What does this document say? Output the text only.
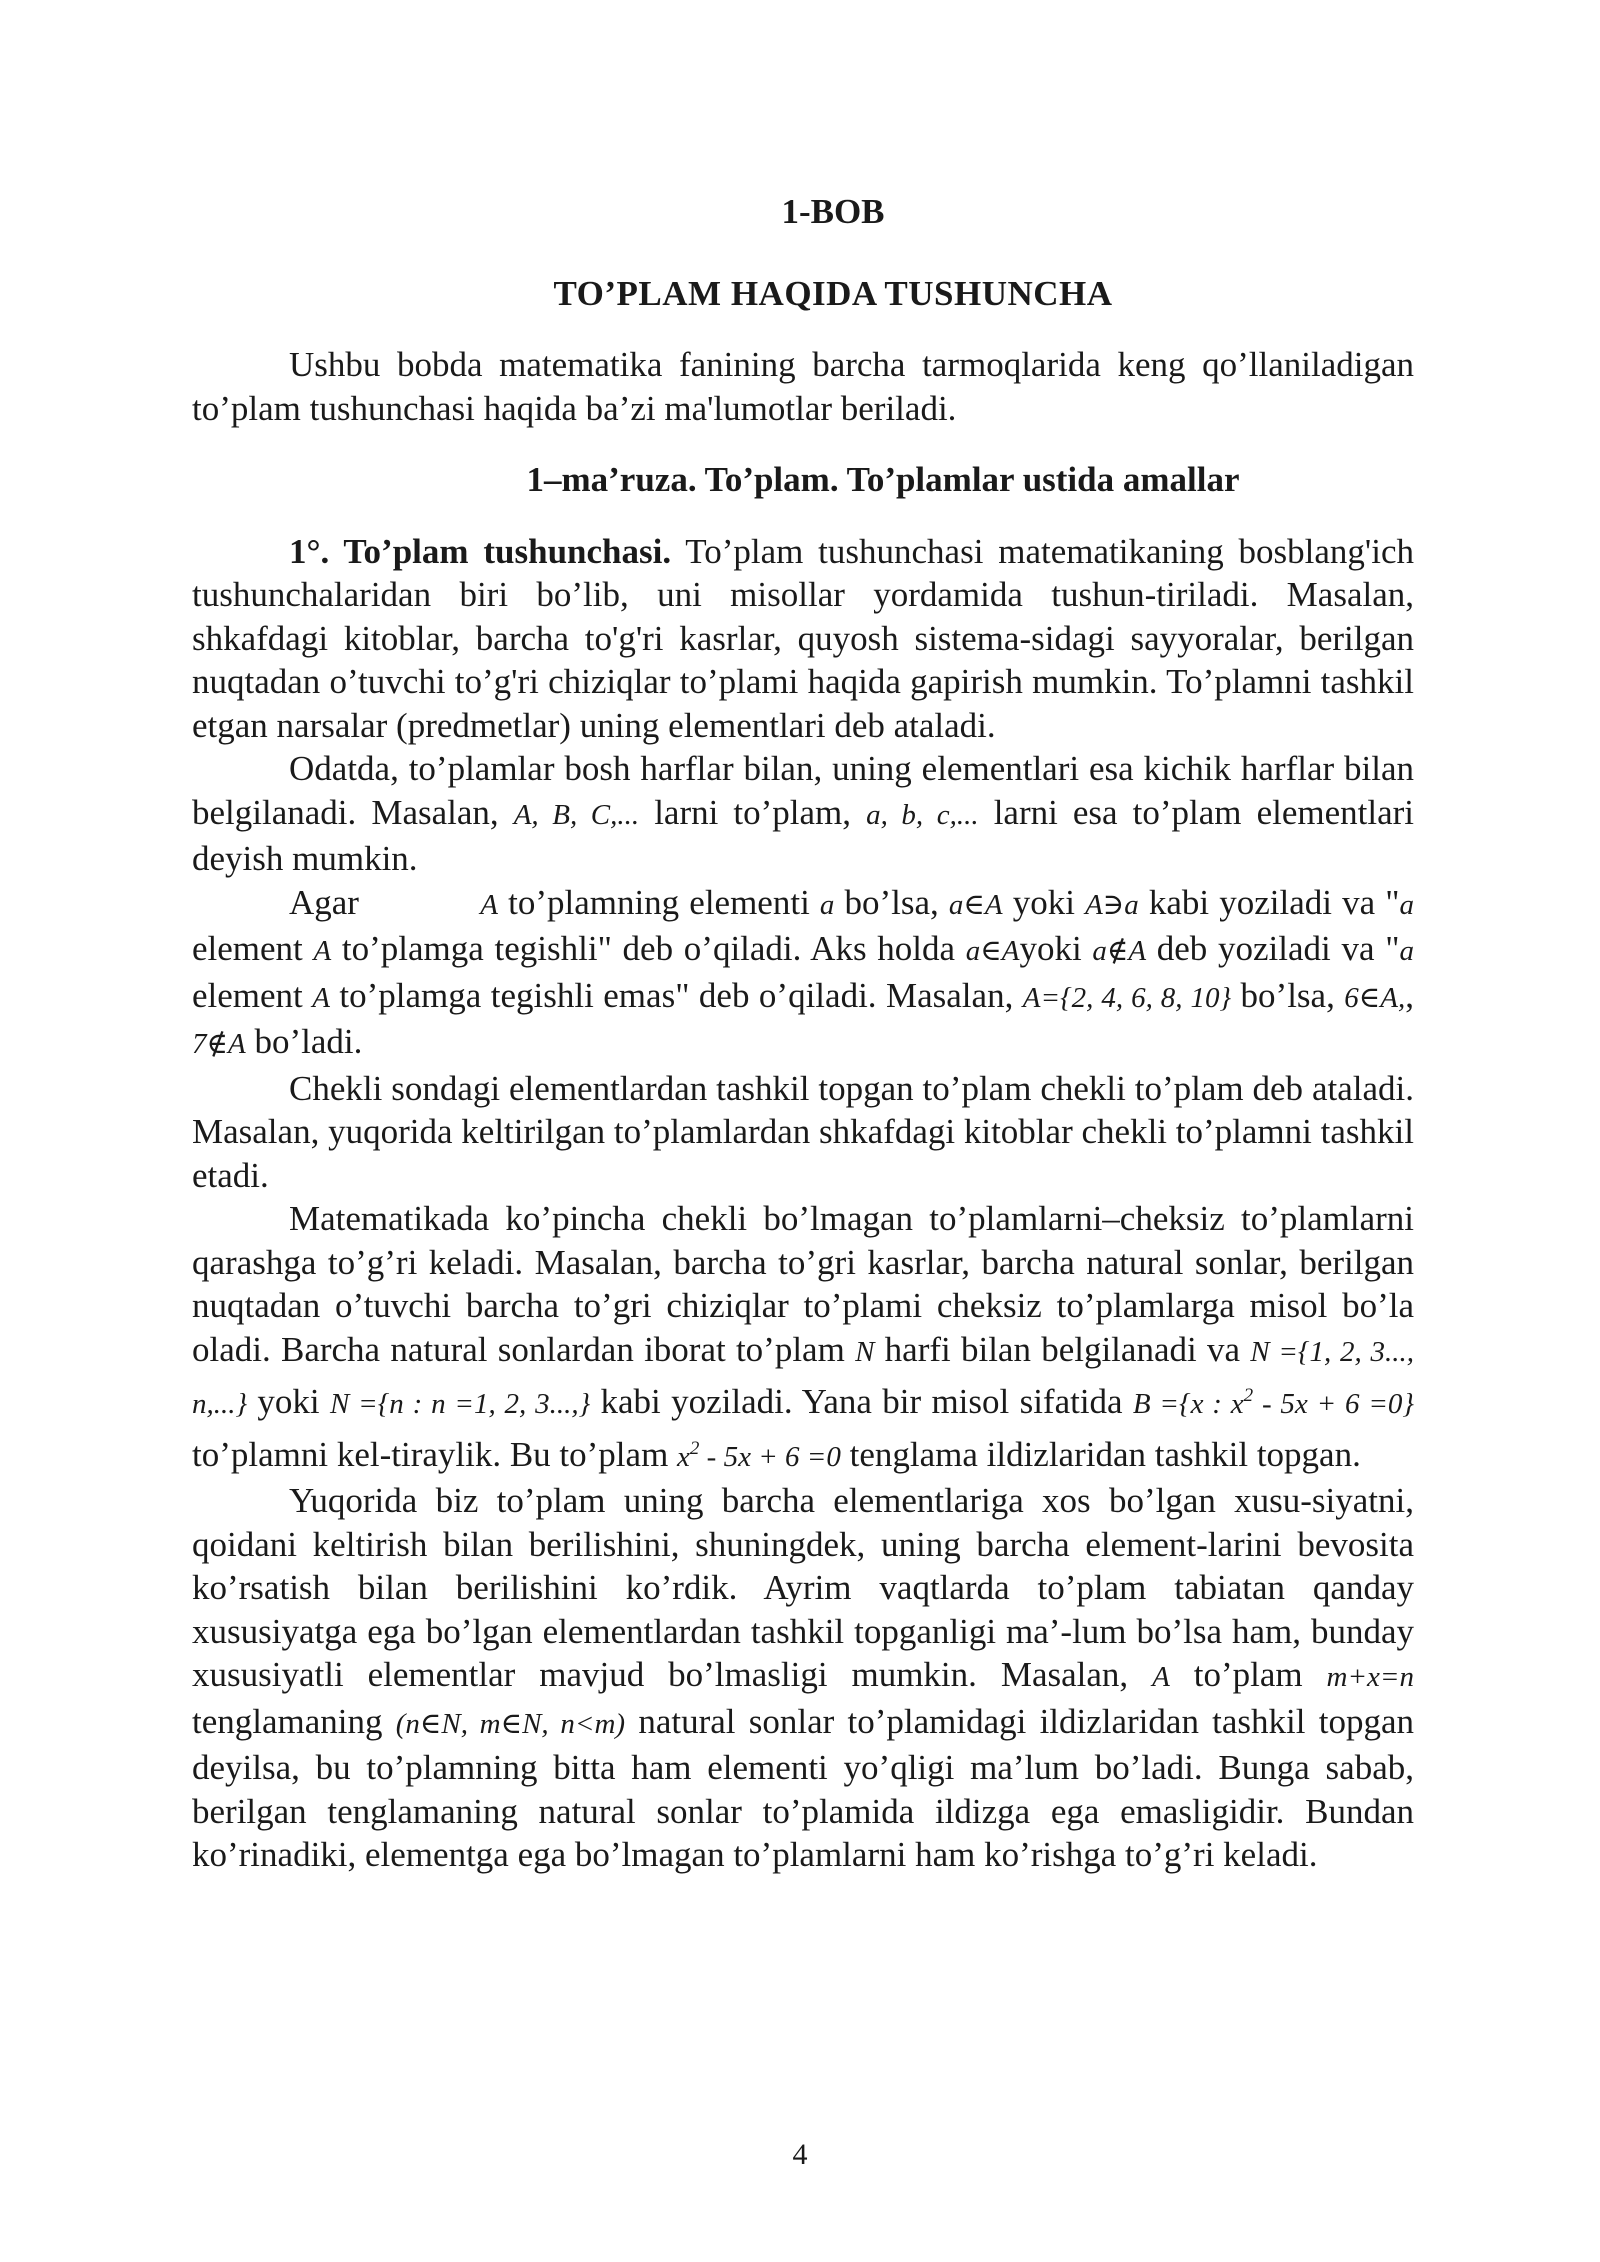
1-BOB
TO’PLAM HAQIDA TUSHUNCHA

Ushbu bobda matematika fanining barcha tarmoqlarida keng qo’llaniladigan to’plam tushunchasi haqida ba’zi ma'lumotlar beriladi.

1–ma’ruza. To’plam. To’plamlar ustida amallar

1°. To’plam tushunchasi. To’plam tushunchasi matematikaning bosblang'ich tushunchalaridan biri bo’lib, uni misollar yordamida tushun-tiriladi. Masalan, shkafdagi kitoblar, barcha to'g'ri kasrlar, quyosh sistema-sidagi sayyoralar, berilgan nuqtadan o’tuvchi to’g'ri chiziqlar to’plami haqida gapirish mumkin. To’plamni tashkil etgan narsalar (predmetlar) uning elementlari deb ataladi.

Odatda, to’plamlar bosh harflar bilan, uning elementlari esa kichik harflar bilan belgilanadi. Masalan, A, B, C,... larni to’plam, a, b, c,... larni esa to’plam elementlari deyish mumkin.

Agar            A to’plamning elementi a bo’lsa, a∈A yoki A∋a kabi yoziladi va "a element A to’plamga tegishli" deb o’qiladi. Aks holda a∈Ayoki a∉A deb yoziladi va "a element A to’plamga tegishli emas" deb o’qiladi. Masalan, A={2, 4, 6, 8, 10} bo’lsa, 6∈A,, 7∉A bo’ladi.

Chekli sondagi elementlardan tashkil topgan to’plam chekli to’plam deb ataladi. Masalan, yuqorida keltirilgan to’plamlardan shkafdagi kitoblar chekli to’plamni tashkil etadi.

Matematikada ko’pincha chekli bo’lmagan to’plamlarni–cheksiz to’plamlarni qarashga to’g’ri keladi. Masalan, barcha to’gri kasrlar, barcha natural sonlar, berilgan nuqtadan o’tuvchi barcha to’gri chiziqlar to’plami cheksiz to’plamlarga misol bo’la oladi. Barcha natural sonlardan iborat to’plam N harfi bilan belgilanadi va N ={1, 2, 3..., n,...} yoki N ={n : n =1, 2, 3...,} kabi yoziladi. Yana bir misol sifatida B ={x : $x^2 - 5x + 6 =0$} to’plamni kel-tiraylik. Bu to’plam $x^2 - 5x + 6 =0$ tenglama ildizlaridan tashkil topgan.

Yuqorida biz to’plam uning barcha elementlariga xos bo’lgan xusu-siyatni, qoidani keltirish bilan berilishini, shuningdek, uning barcha element-larini bevosita ko’rsatish bilan berilishini ko’rdik. Ayrim vaqtlarda to’plam tabiatan qanday xususiyatga ega bo’lgan elementlardan tashkil topganligi ma’-lum bo’lsa ham, bunday xususiyatli elementlar mavjud bo’lmasligi mumkin. Masalan, A to’plam m+x=n tenglamaning (n∈N, m∈N, n<m) natural sonlar to’plamidagi ildizlaridan tashkil topgan deyilsa, bu to’plamning bitta ham elementi yo’qligi ma’lum bo’ladi. Bunga sabab, berilgan tenglamaning natural sonlar to’plamida ildizga ega emasligidir. Bundan ko’rinadiki, elementga ega bo’lmagan to’plamlarni ham ko’rishga to’g’ri keladi.

4
